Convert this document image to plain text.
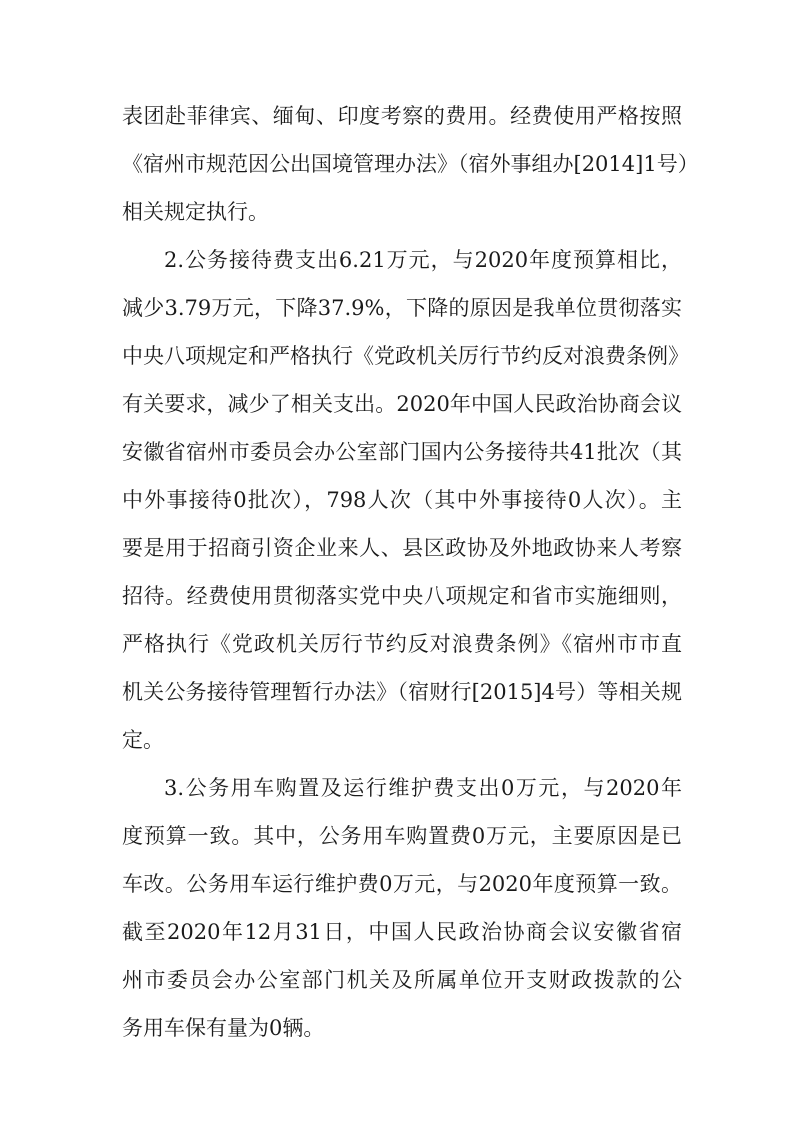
表团赴菲律宾、缅甸、印度考察的费用。经费使用严格按照
《宿州市规范因公出国境管理办法》（宿外事组办[2014]1号）
相关规定执行。
2.公务接待费支出6.21万元，与2020年度预算相比，
减少3.79万元，下降37.9%，下降的原因是我单位贯彻落实
中央八项规定和严格执行《党政机关厉行节约反对浪费条例》
有关要求，减少了相关支出。2020年中国人民政治协商会议
安徽省宿州市委员会办公室部门国内公务接待共41批次（其
中外事接待0批次），798人次（其中外事接待0人次）。主
要是用于招商引资企业来人、县区政协及外地政协来人考察
招待。经费使用贯彻落实党中央八项规定和省市实施细则，
严格执行《党政机关厉行节约反对浪费条例》《宿州市市直
机关公务接待管理暂行办法》（宿财行[2015]4号）等相关规
定。
3.公务用车购置及运行维护费支出0万元，与2020年
度预算一致。其中，公务用车购置费0万元，主要原因是已
车改。公务用车运行维护费0万元，与2020年度预算一致。
截至2020年12月31日，中国人民政治协商会议安徽省宿
州市委员会办公室部门机关及所属单位开支财政拨款的公
务用车保有量为0辆。
